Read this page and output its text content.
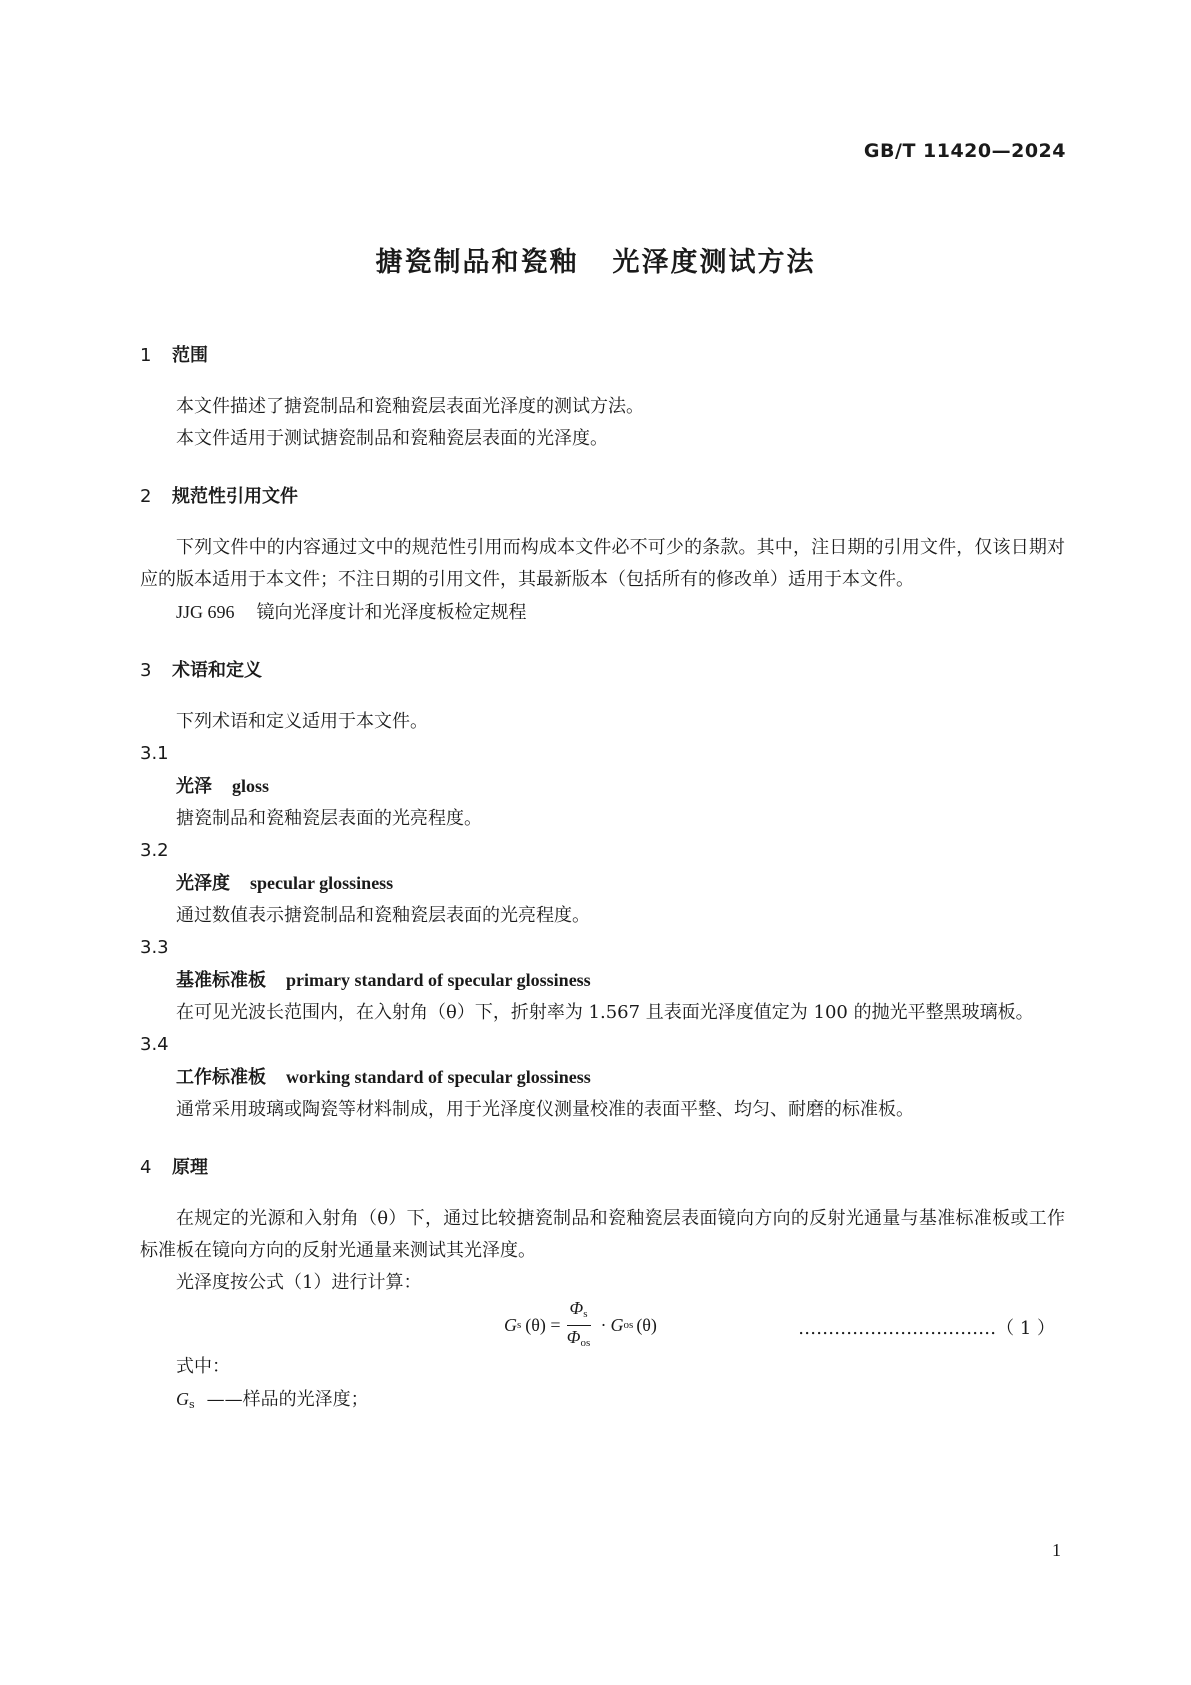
GB/T 11420—2024
搪瓷制品和瓷釉 光泽度测试方法
1 范围

本文件描述了搪瓷制品和瓷釉瓷层表面光泽度的测试方法。

本文件适用于测试搪瓷制品和瓷釉瓷层表面的光泽度。

2 规范性引用文件

下列文件中的内容通过文中的规范性引用而构成本文件必不可少的条款。其中，注日期的引用文件，仅该日期对应的版本适用于本文件；不注日期的引用文件，其最新版本（包括所有的修改单）适用于本文件。

JJG 696 镜向光泽度计和光泽度板检定规程

3 术语和定义

下列术语和定义适用于本文件。

3.1

光泽 gloss

搪瓷制品和瓷釉瓷层表面的光亮程度。

3.2

光泽度 specular glossiness

通过数值表示搪瓷制品和瓷釉瓷层表面的光亮程度。

3.3

基准标准板 primary standard of specular glossiness

在可见光波长范围内，在入射角（θ）下，折射率为 1.567 且表面光泽度值定为 100 的抛光平整黑玻璃板。

3.4

工作标准板 working standard of specular glossiness

通常采用玻璃或陶瓷等材料制成，用于光泽度仪测量校准的表面平整、均匀、耐磨的标准板。

4 原理

在规定的光源和入射角（θ）下，通过比较搪瓷制品和瓷釉瓷层表面镜向方向的反射光通量与基准标准板或工作标准板在镜向方向的反射光通量来测试其光泽度。

光泽度按公式（1）进行计算：

G s $(\theta) = \frac{\Phi_s}{\Phi_{os}} \cdot G$ os (θ)	……………………………（ 1 ）

式中：

$G_s$ ——样品的光泽度；

1
